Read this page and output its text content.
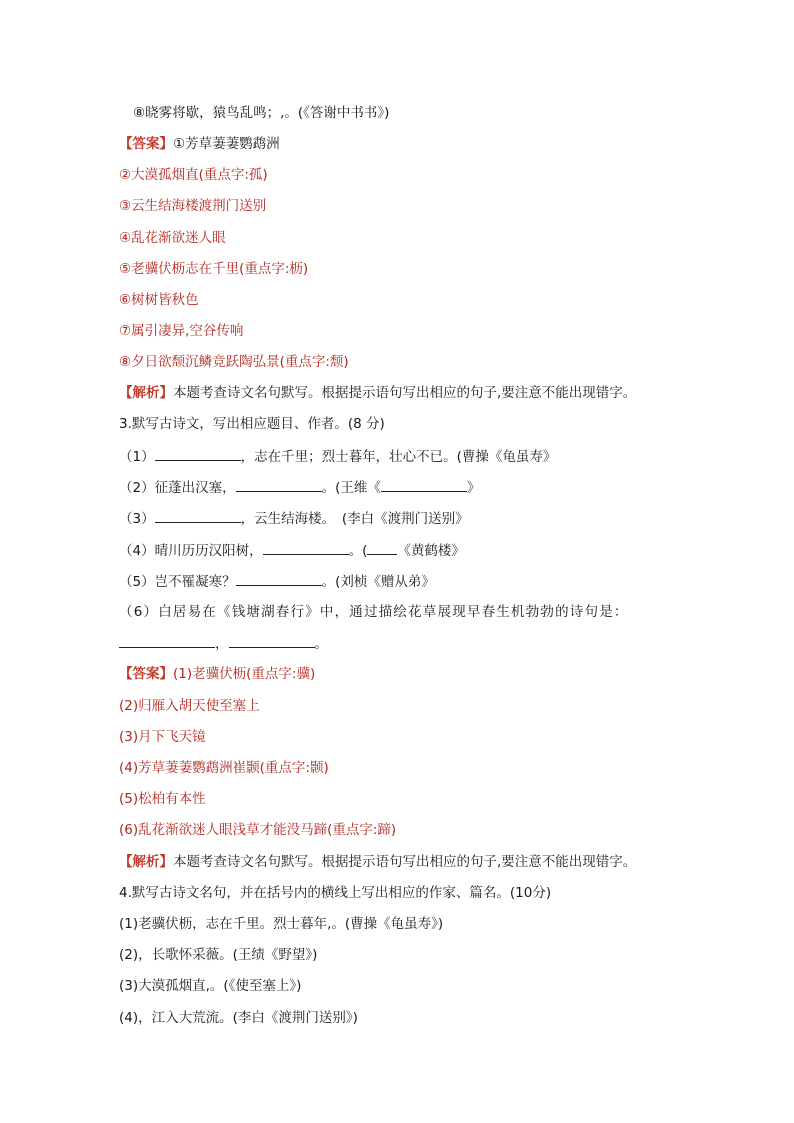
⑧晓雾将歇，猿鸟乱鸣；,。(《答谢中书书》)
【答案】①芳草萋萋鹦鹉洲
②大漠孤烟直(重点字:孤)
③云生结海楼渡荆门送别
④乱花渐欲迷人眼
⑤老骥伏枥志在千里(重点字:枥)
⑥树树皆秋色
⑦属引凄异,空谷传响
⑧夕日欲颓沉鳞竞跃陶弘景(重点字:颓)
【解析】本题考查诗文名句默写。根据提示语句写出相应的句子,要注意不能出现错字。
3.默写古诗文，写出相应题目、作者。(8 分)
（1）	，志在千里；烈士暮年，壮心不已。(曹操《龟虽寿》
（2）征蓬出汉塞，	。(王维《	》
（3）	，云生结海楼。　(李白《渡荆门送别》
（4）晴川历历汉阳树，	。( 《黄鹤楼》
（5）岂不罹凝寒？	。(刘桢《赠从弟》
（6）白居易在《钱塘湖春行》中，通过描绘花草展现早春生机勃勃的诗句是：
，	。
【答案】(1)老骥伏枥(重点字:骥)
(2)归雁入胡天使至塞上
(3)月下飞天镜
(4)芳草萋萋鹦鹉洲崔颢(重点字:颢)
(5)松柏有本性
(6)乱花渐欲迷人眼浅草才能没马蹄(重点字:蹄)
【解析】本题考查诗文名句默写。根据提示语句写出相应的句子,要注意不能出现错字。
4.默写古诗文名句，并在括号内的横线上写出相应的作家、篇名。(10分)
(1)老骥伏枥，志在千里。烈士暮年,。(曹操《龟虽寿》)
(2)，长歌怀采薇。(王绩《野望》)
(3)大漠孤烟直,。(《使至塞上》)
(4)，江入大荒流。(李白《渡荆门送别》)
